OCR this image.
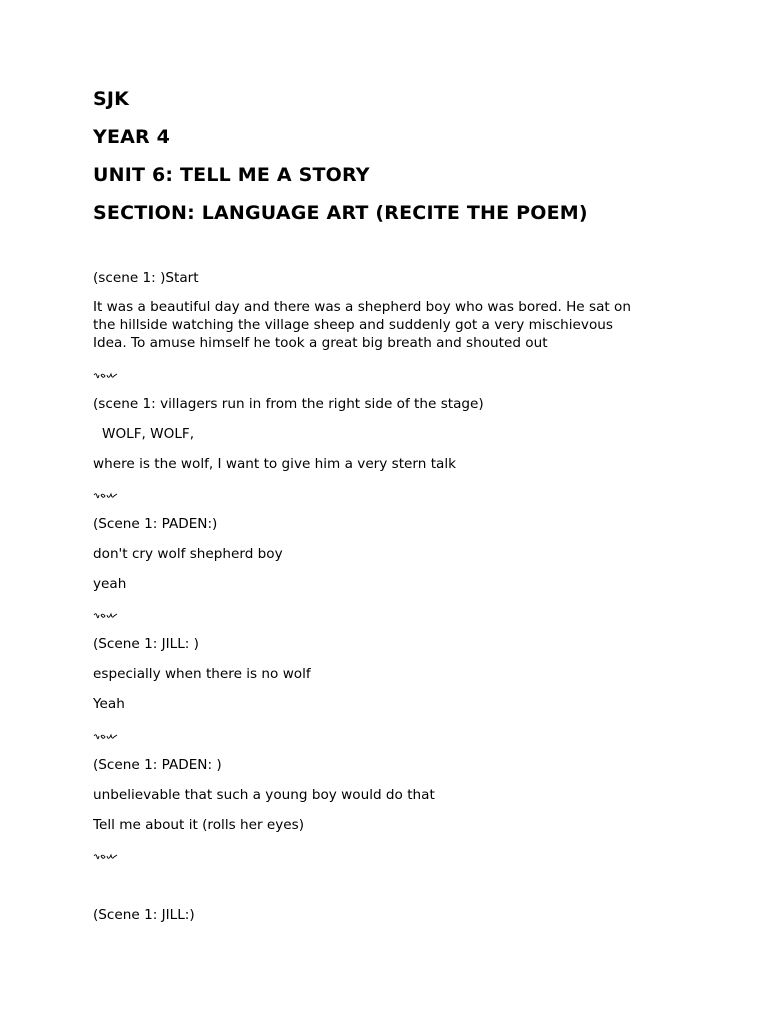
SJK
YEAR 4
UNIT 6: TELL ME A STORY
SECTION: LANGUAGE ART (RECITE THE POEM)
(scene 1: )Start
It was a beautiful day and there was a shepherd boy who was bored. He sat on
the hillside watching the village sheep and suddenly got a very mischievous
Idea. To amuse himself he took a great big breath and shouted out
(scene 1: villagers run in from the right side of the stage)
WOLF, WOLF,
where is the wolf, I want to give him a very stern talk
(Scene 1: PADEN:)
don't cry wolf shepherd boy
yeah
(Scene 1: JILL: )
especially when there is no wolf
Yeah
(Scene 1: PADEN: )
unbelievable that such a young boy would do that
Tell me about it (rolls her eyes)
(Scene 1: JILL:)
